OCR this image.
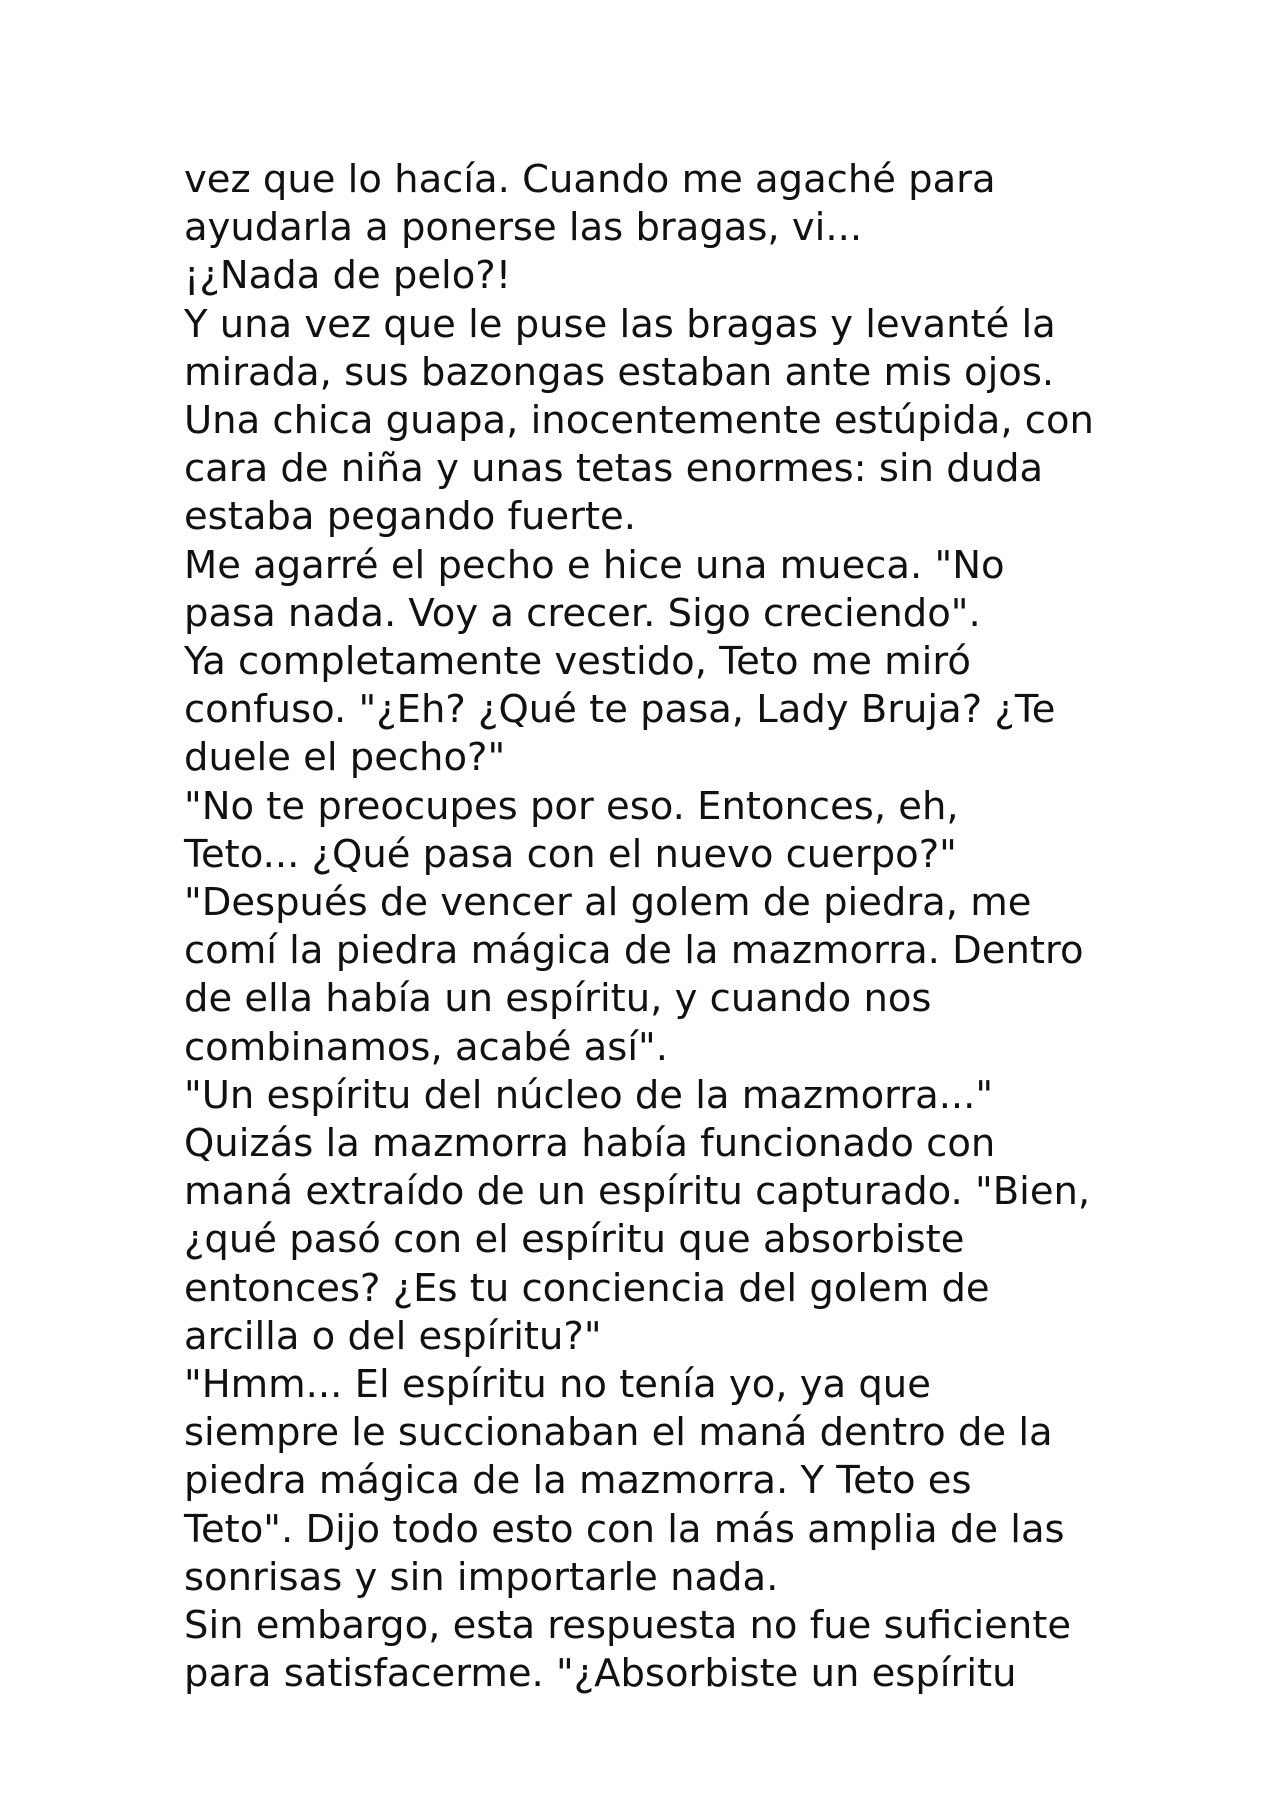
vez que lo hacía. Cuando me agaché para
ayudarla a ponerse las bragas, vi...
¡¿Nada de pelo?!
Y una vez que le puse las bragas y levanté la
mirada, sus bazongas estaban ante mis ojos.
Una chica guapa, inocentemente estúpida, con
cara de niña y unas tetas enormes: sin duda
estaba pegando fuerte.
Me agarré el pecho e hice una mueca. "No
pasa nada. Voy a crecer. Sigo creciendo".
Ya completamente vestido, Teto me miró
confuso. "¿Eh? ¿Qué te pasa, Lady Bruja? ¿Te
duele el pecho?"
"No te preocupes por eso. Entonces, eh,
Teto... ¿Qué pasa con el nuevo cuerpo?"
"Después de vencer al golem de piedra, me
comí la piedra mágica de la mazmorra. Dentro
de ella había un espíritu, y cuando nos
combinamos, acabé así".
"Un espíritu del núcleo de la mazmorra..."
Quizás la mazmorra había funcionado con
maná extraído de un espíritu capturado. "Bien,
¿qué pasó con el espíritu que absorbiste
entonces? ¿Es tu conciencia del golem de
arcilla o del espíritu?"
"Hmm... El espíritu no tenía yo, ya que
siempre le succionaban el maná dentro de la
piedra mágica de la mazmorra. Y Teto es
Teto". Dijo todo esto con la más amplia de las
sonrisas y sin importarle nada.
Sin embargo, esta respuesta no fue suficiente
para satisfacerme. "¿Absorbiste un espíritu
